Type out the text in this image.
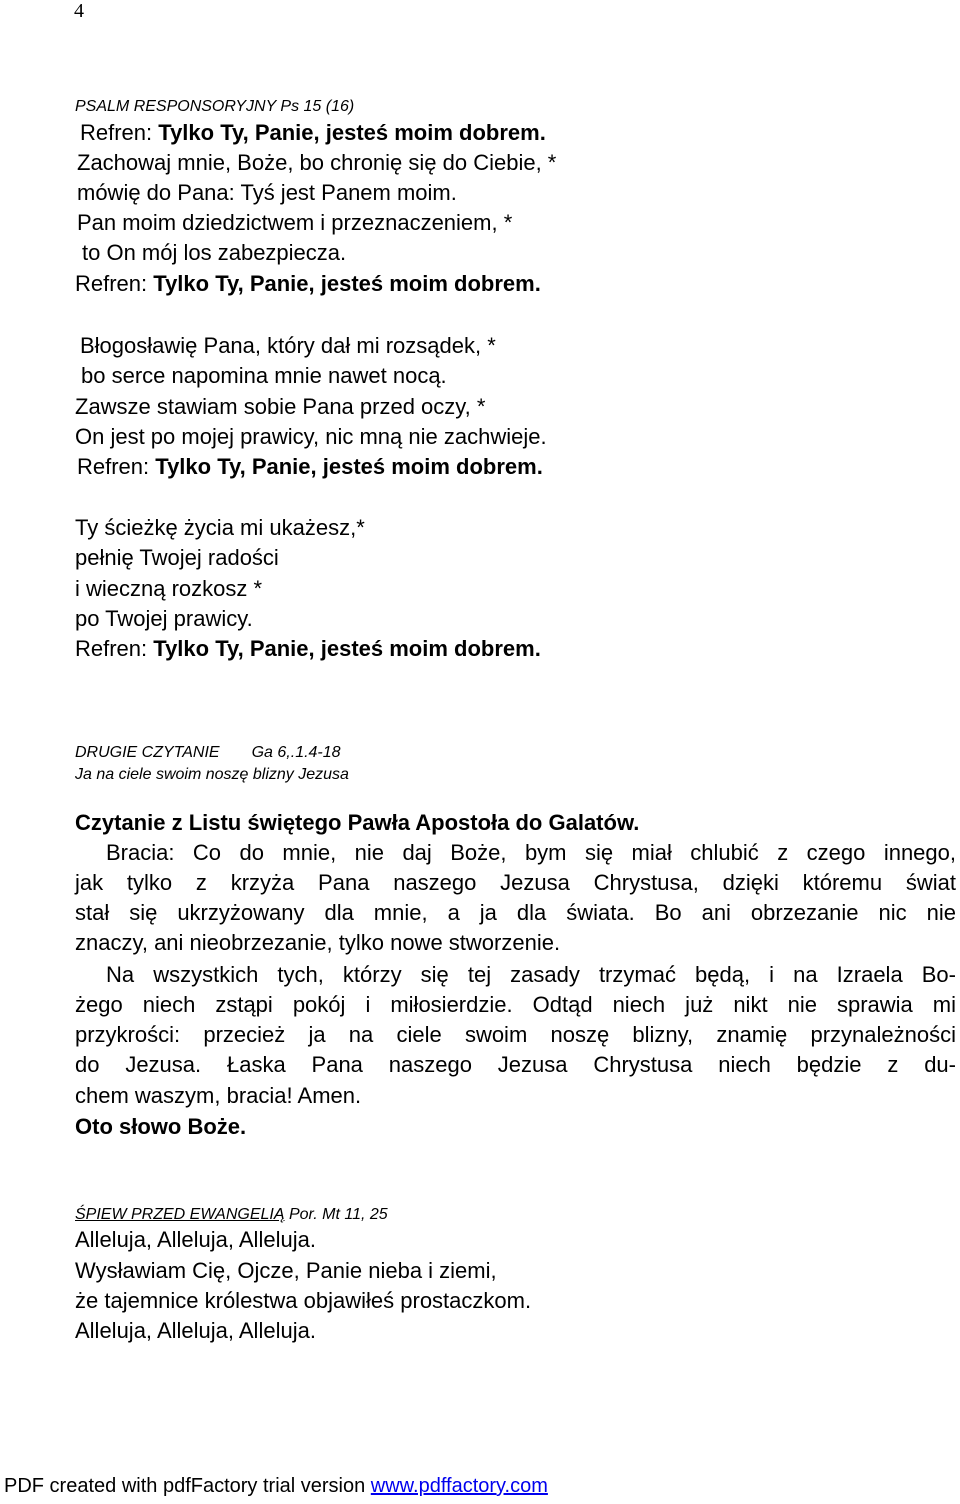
4
PSALM RESPONSORYJNY Ps 15 (16)
Refren: Tylko Ty, Panie, jesteś moim dobrem.
Zachowaj mnie, Boże, bo chronię się do Ciebie, *
mówię do Pana: Tyś jest Panem moim.
Pan moim dziedzictwem i przeznaczeniem, *
to On mój los zabezpiecza.
Refren: Tylko Ty, Panie, jesteś moim dobrem.
Błogosławię Pana, który dał mi rozsądek, *
bo serce napomina mnie nawet nocą.
Zawsze stawiam sobie Pana przed oczy, *
On jest po mojej prawicy, nic mną nie zachwieje.
Refren: Tylko Ty, Panie, jesteś moim dobrem.
Ty ścieżkę życia mi ukażesz,*
pełnię Twojej radości
i wieczną rozkosz *
po Twojej prawicy.
Refren: Tylko Ty, Panie, jesteś moim dobrem.
DRUGIE CZYTANIE Ga 6,.1.4-18
Ja na ciele swoim noszę blizny Jezusa
Czytanie z Listu świętego Pawła Apostoła do Galatów.
Bracia: Co do mnie, nie daj Boże, bym się miał chlubić z czego innego,
jak tylko z krzyża Pana naszego Jezusa Chrystusa, dzięki któremu świat
stał się ukrzyżowany dla mnie, a ja dla świata. Bo ani obrzezanie nic nie
znaczy, ani nieobrzezanie, tylko nowe stworzenie.
Na wszystkich tych, którzy się tej zasady trzymać będą, i na Izraela Bo-
żego niech zstąpi pokój i miłosierdzie. Odtąd niech już nikt nie sprawia mi
przykrości: przecież ja na ciele swoim noszę blizny, znamię przynależności
do Jezusa. Łaska Pana naszego Jezusa Chrystusa niech będzie z du-
chem waszym, bracia! Amen.
Oto słowo Boże.
ŚPIEW PRZED EWANGELIĄ Por. Mt 11, 25
Alleluja, Alleluja, Alleluja.
Wysławiam Cię, Ojcze, Panie nieba i ziemi,
że tajemnice królestwa objawiłeś prostaczkom.
Alleluja, Alleluja, Alleluja.
PDF created with pdfFactory trial version www.pdffactory.com
